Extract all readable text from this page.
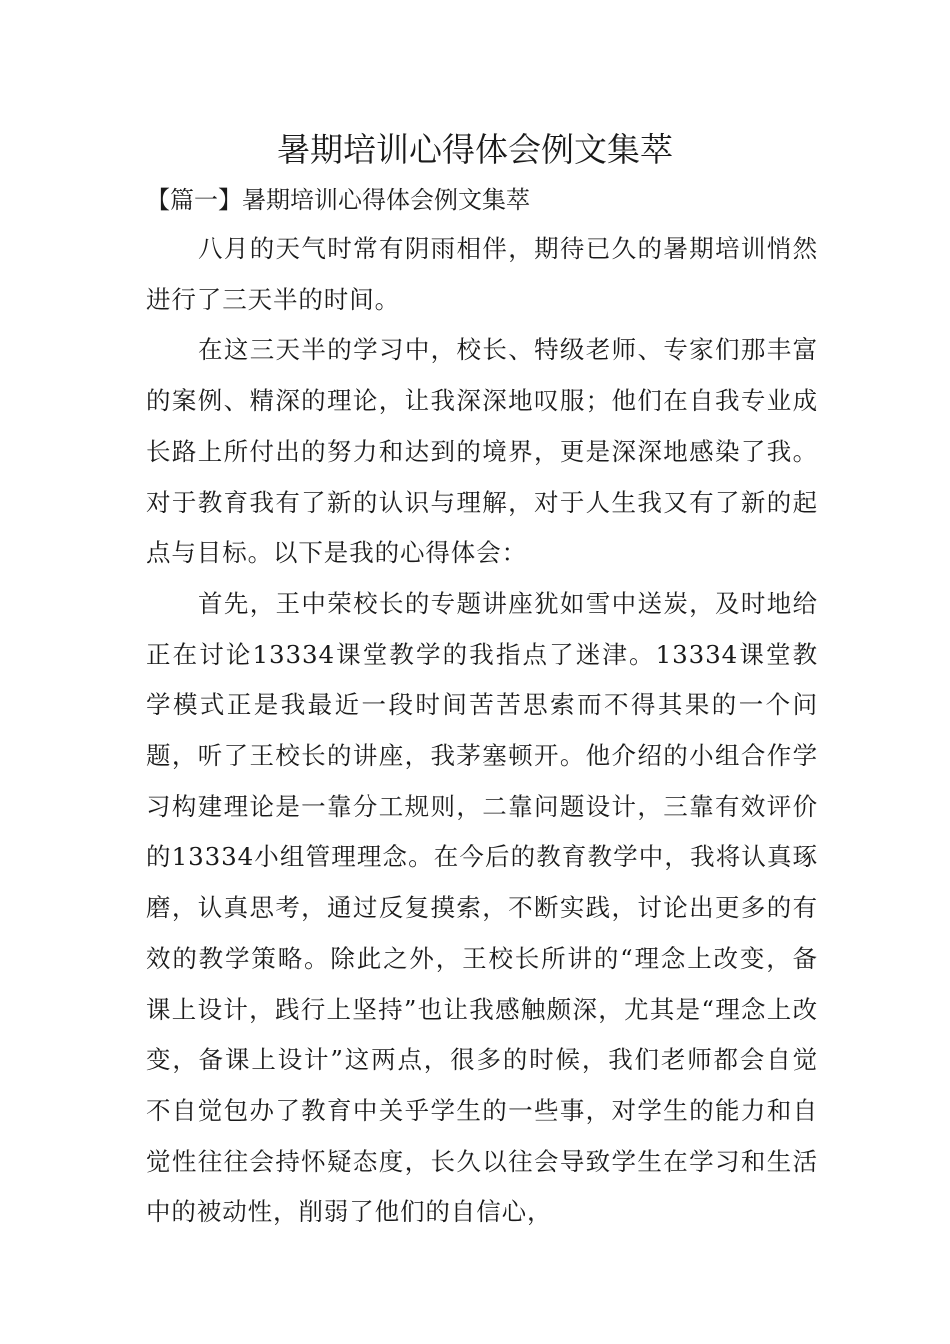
暑期培训心得体会例文集萃
【篇一】暑期培训心得体会例文集萃

八月的天气时常有阴雨相伴，期待已久的暑期培训悄然进行了三天半的时间。

在这三天半的学习中，校长、特级老师、专家们那丰富的案例、精深的理论，让我深深地叹服；他们在自我专业成长路上所付出的努力和达到的境界，更是深深地感染了我。对于教育我有了新的认识与理解，对于人生我又有了新的起点与目标。以下是我的心得体会：

首先，王中荣校长的专题讲座犹如雪中送炭，及时地给正在讨论13334课堂教学的我指点了迷津。13334课堂教学模式正是我最近一段时间苦苦思索而不得其果的一个问题，听了王校长的讲座，我茅塞顿开。他介绍的小组合作学习构建理论是一靠分工规则，二靠问题设计，三靠有效评价的13334小组管理理念。在今后的教育教学中，我将认真琢磨，认真思考，通过反复摸索，不断实践，讨论出更多的有效的教学策略。除此之外，王校长所讲的“理念上改变，备课上设计，践行上坚持”也让我感触颇深，尤其是“理念上改变，备课上设计”这两点，很多的时候，我们老师都会自觉不自觉包办了教育中关乎学生的一些事，对学生的能力和自觉性往往会持怀疑态度，长久以往会导致学生在学习和生活中的被动性，削弱了他们的自信心，
